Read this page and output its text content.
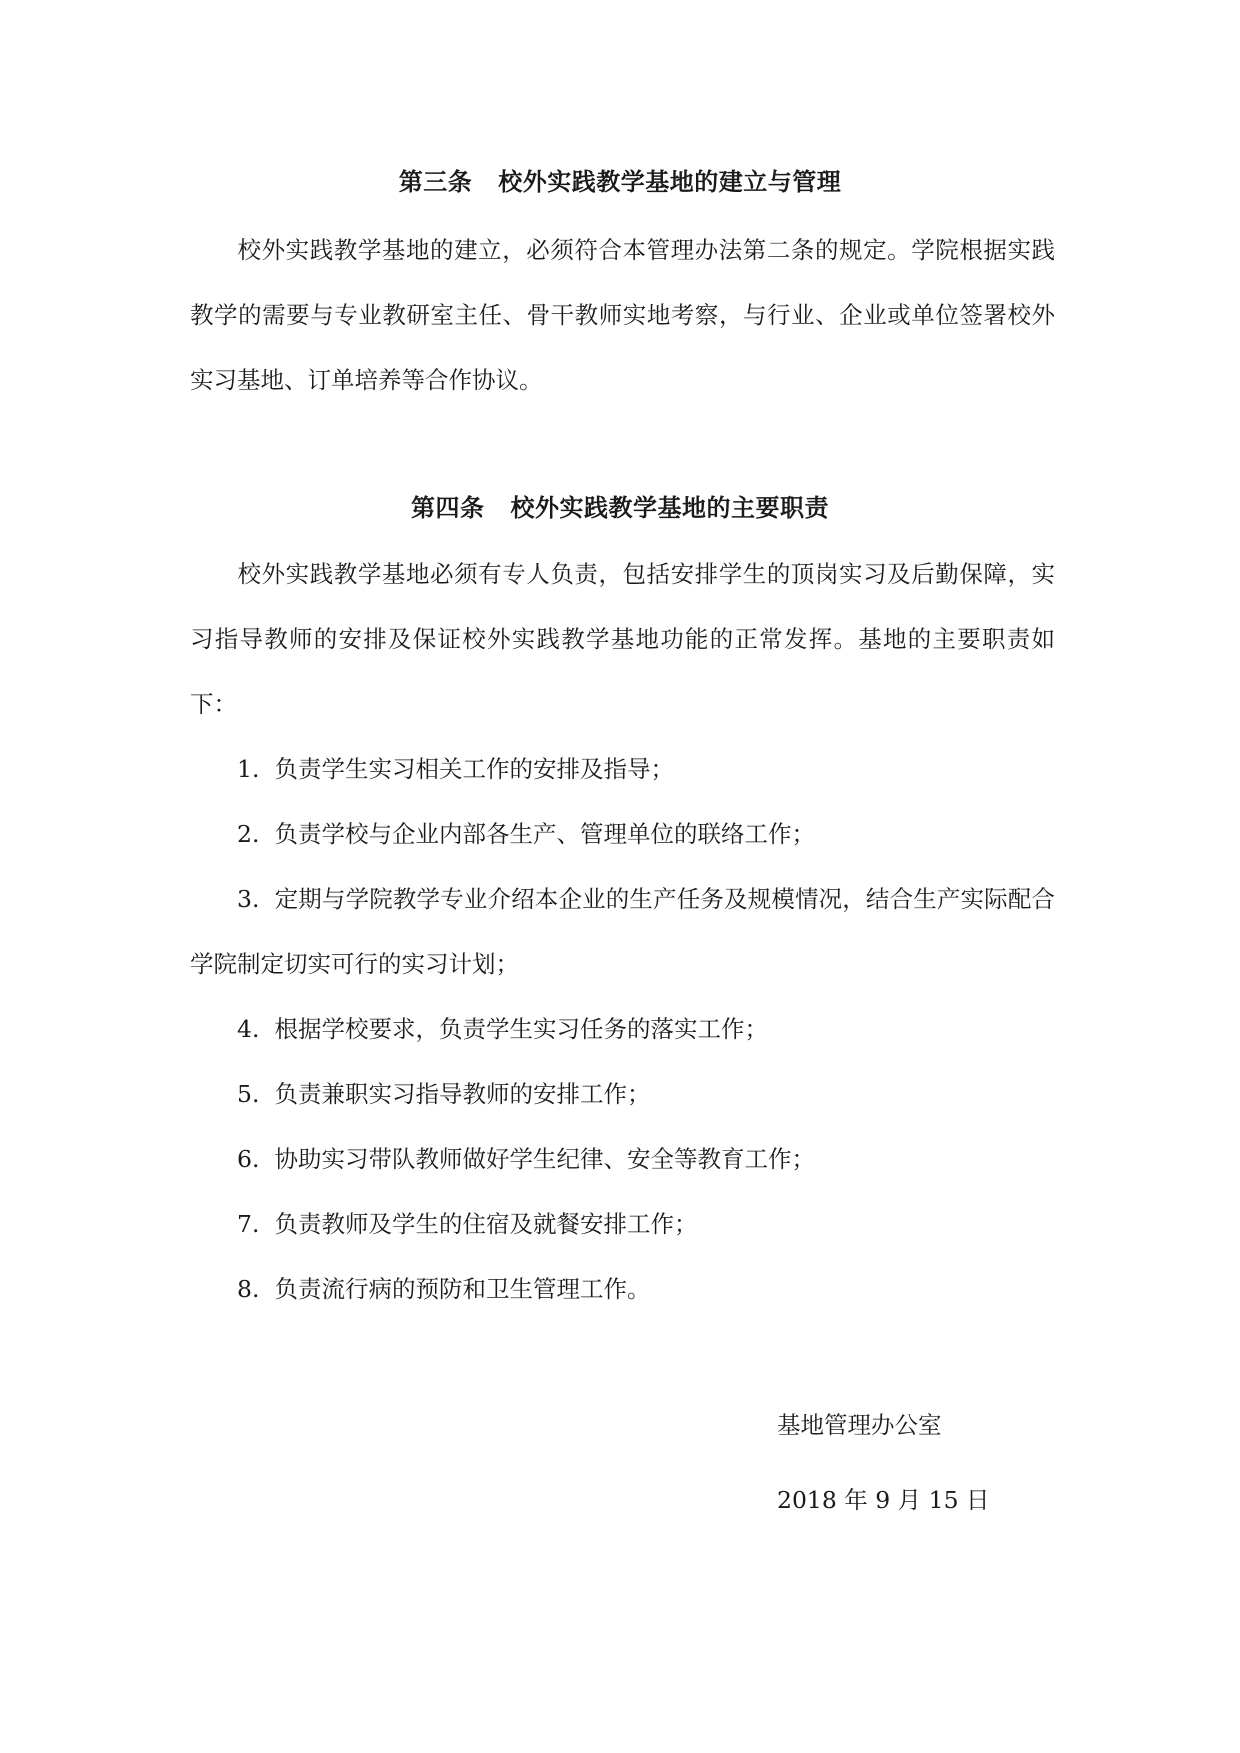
第三条 校外实践教学基地的建立与管理
校外实践教学基地的建立，必须符合本管理办法第二条的规定。学院根据实践教学的需要与专业教研室主任、骨干教师实地考察，与行业、企业或单位签署校外实习基地、订单培养等合作协议。
第四条 校外实践教学基地的主要职责
校外实践教学基地必须有专人负责，包括安排学生的顶岗实习及后勤保障，实习指导教师的安排及保证校外实践教学基地功能的正常发挥。基地的主要职责如下：
1. 负责学生实习相关工作的安排及指导；
2. 负责学校与企业内部各生产、管理单位的联络工作；
3. 定期与学院教学专业介绍本企业的生产任务及规模情况，结合生产实际配合学院制定切实可行的实习计划；
4. 根据学校要求，负责学生实习任务的落实工作；
5. 负责兼职实习指导教师的安排工作；
6. 协助实习带队教师做好学生纪律、安全等教育工作；
7. 负责教师及学生的住宿及就餐安排工作；
8. 负责流行病的预防和卫生管理工作。
基地管理办公室
2018 年 9 月 15 日
